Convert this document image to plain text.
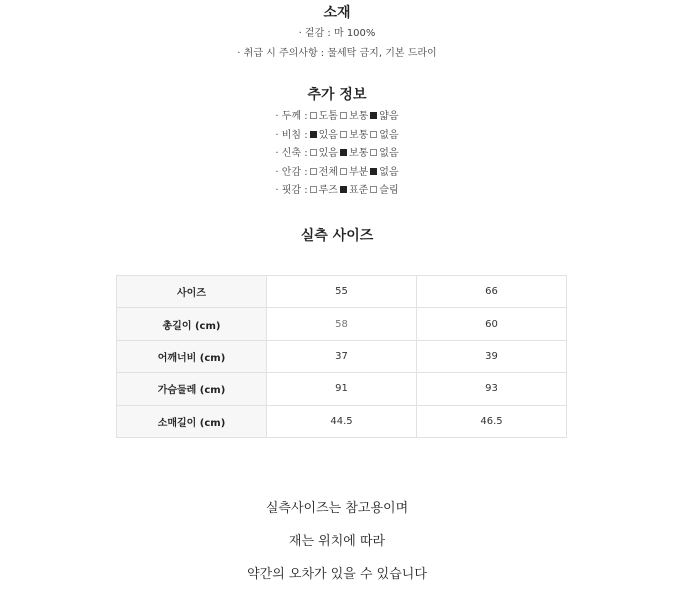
소재

· 겉감 : 마 100%

· 취급 시 주의사항 : 물세탁 금지, 기본 드라이

추가 정보

· 두께 : 도톰 보통 얇음

· 비침 : 있음 보통 없음

· 신축 : 있음 보통 없음

· 안감 : 전체 부분 없음

· 핏감 : 루즈 표준 슬림

실측 사이즈

사이즈	55	66
총길이 (cm)	58	60
어깨너비 (cm)	37	39
가슴둘레 (cm)	91	93
소매길이 (cm)	44.5	46.5

실측사이즈는 참고용이며

재는 위치에 따라

약간의 오차가 있을 수 있습니다
